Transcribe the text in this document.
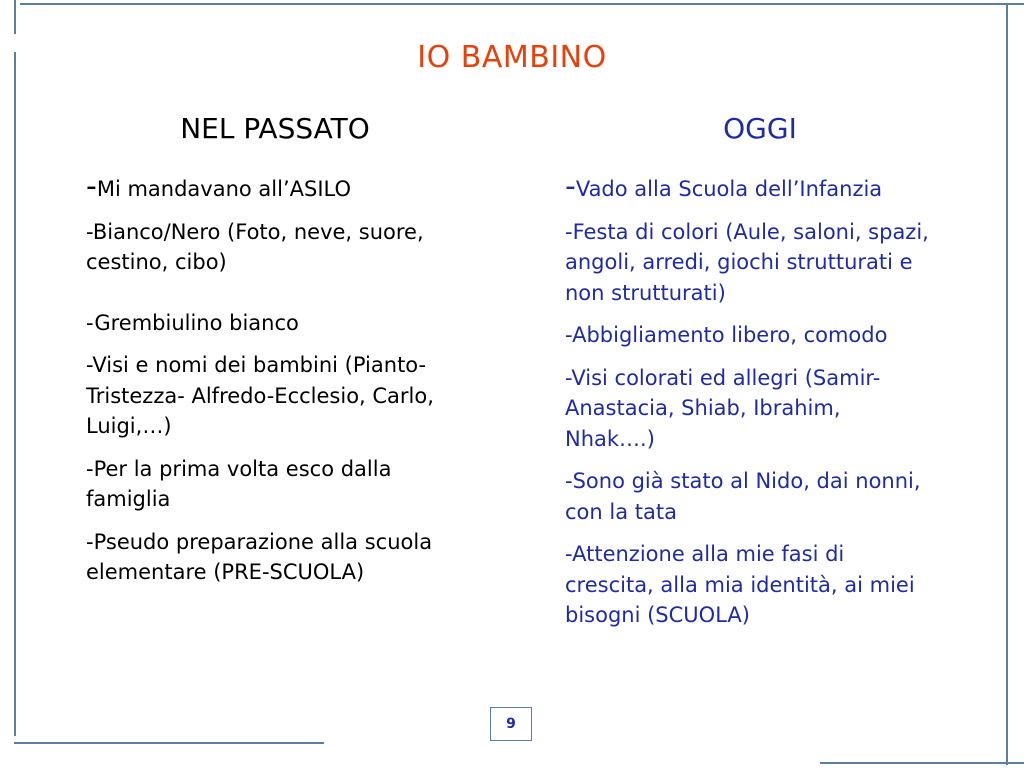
IO BAMBINO
NEL PASSATO	OGGI

-Mi mandavano all’ASILO

-Bianco/Nero (Foto, neve, suore, cestino, cibo)

-Grembiulino bianco

-Visi e nomi dei bambini (Pianto-Tristezza- Alfredo-Ecclesio, Carlo, Luigi,…)

-Per la prima volta esco dalla famiglia

-Pseudo preparazione alla scuola elementare (PRE-SCUOLA)

-Vado alla Scuola dell’Infanzia

-Festa di colori (Aule, saloni, spazi, angoli, arredi, giochi strutturati e non strutturati)

-Abbigliamento libero, comodo

-Visi colorati ed allegri (Samir-Anastacia, Shiab, Ibrahim, Nhak….)

-Sono già stato al Nido, dai nonni, con la tata

-Attenzione alla mie fasi di crescita, alla mia identità, ai miei bisogni (SCUOLA)

9
